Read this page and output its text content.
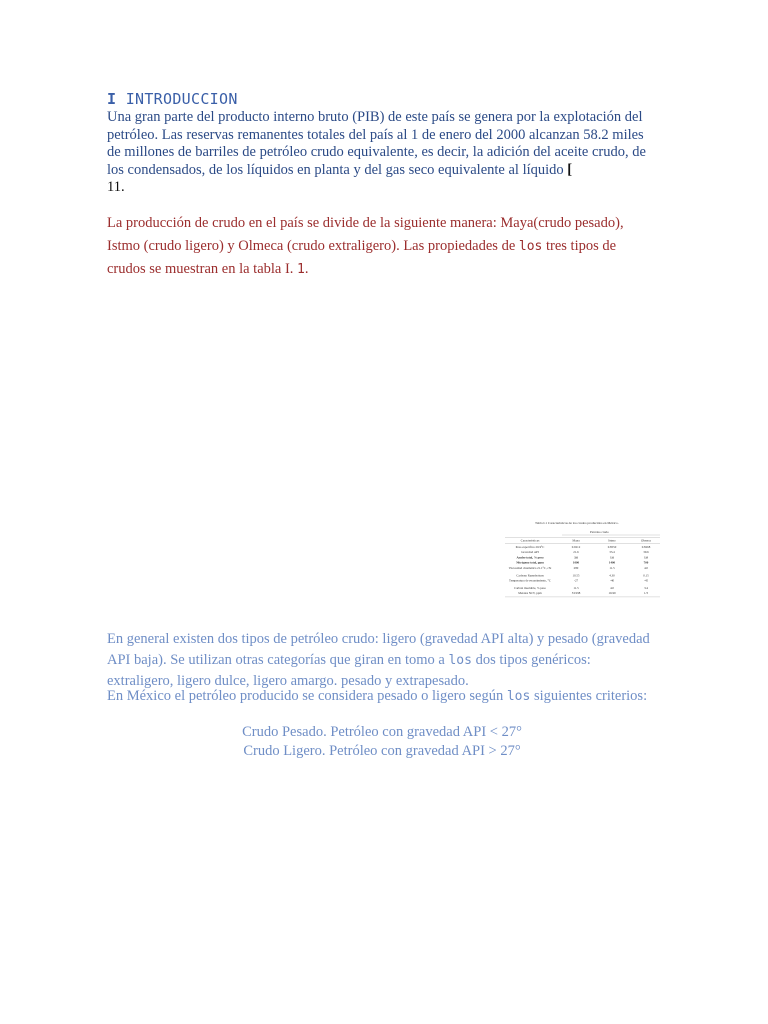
I INTRODUCCION
Una gran parte del producto interno bruto (PIB) de este país se genera por la explotación del petróleo. Las reservas remanentes totales del país al 1 de enero del 2000 alcanzan 58.2 miles de millones de barriles de petróleo crudo equivalente, es decir, la adición del aceite crudo, de los condensados, de los líquidos en planta y del gas seco equivalente al líquido [
11.
La producción de crudo en el país se divide de la siguiente manera: Maya(crudo pesado), Istmo (crudo ligero) y Olmeca (crudo extraligero). Las propiedades de los tres tipos de crudos se muestran en la tabla I. 1.
Tabla I.1 Características de los crudos producidos en México.
Petróleo crudo
Características	Maya	Istmo	Olmeca
Peso específico 20/4°C	0.9212	0.8550	0.8268
Gravedad API	21.6	33.4	39.6
Azufre total, % peso	3.6	1.6	1.0
Nitrógeno total, ppm	1000	1400	700
Viscosidad cinemática 21.1°C, cSt	280	11.5	4.0
Carbono Ramsbottom	10.55	4.30	0.15
Temperatura de escurrimiento, °C	-27	-40	-45
Carbón insoluble, % peso	11.5	4.0	3.4
Metales Ni/V, ppm	53/298	10/49	1/3
En general existen dos tipos de petróleo crudo: ligero (gravedad API alta) y pesado (gravedad API baja). Se utilizan otras categorías que giran en tomo a los dos tipos genéricos: extraligero, ligero dulce, ligero amargo. pesado y extrapesado.
En México el petróleo producido se considera pesado o ligero según los siguientes criterios:
Crudo Pesado. Petróleo con gravedad API < 27°
Crudo Ligero. Petróleo con gravedad API > 27°
